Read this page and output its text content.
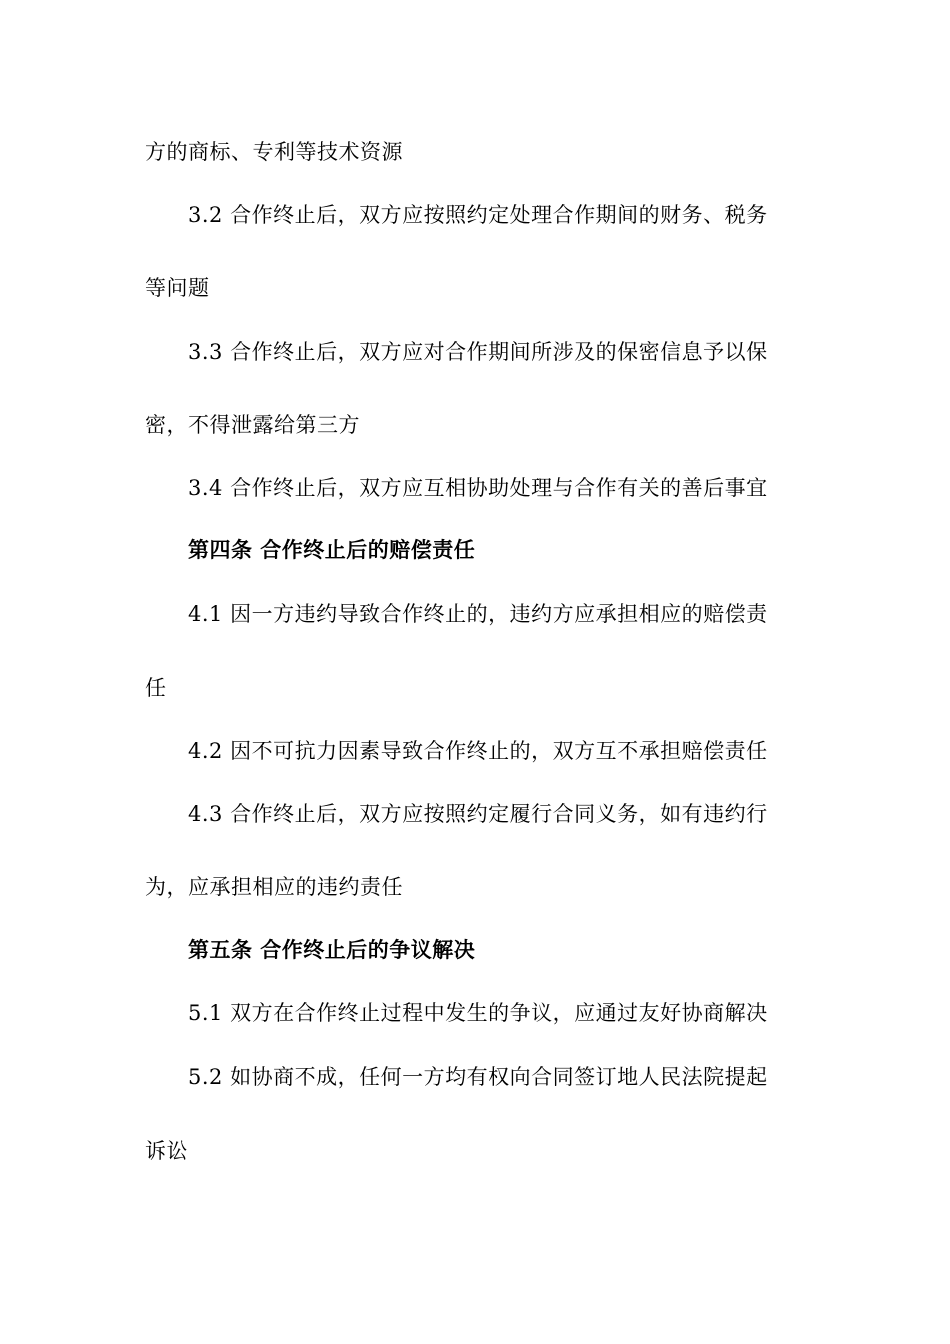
方的商标、专利等技术资源
3.2 合作终止后，双方应按照约定处理合作期间的财务、税务
等问题
3.3 合作终止后，双方应对合作期间所涉及的保密信息予以保
密，不得泄露给第三方
3.4 合作终止后，双方应互相协助处理与合作有关的善后事宜
第四条 合作终止后的赔偿责任
4.1 因一方违约导致合作终止的，违约方应承担相应的赔偿责
任
4.2 因不可抗力因素导致合作终止的，双方互不承担赔偿责任
4.3 合作终止后，双方应按照约定履行合同义务，如有违约行
为，应承担相应的违约责任
第五条 合作终止后的争议解决
5.1 双方在合作终止过程中发生的争议，应通过友好协商解决
5.2 如协商不成，任何一方均有权向合同签订地人民法院提起
诉讼
